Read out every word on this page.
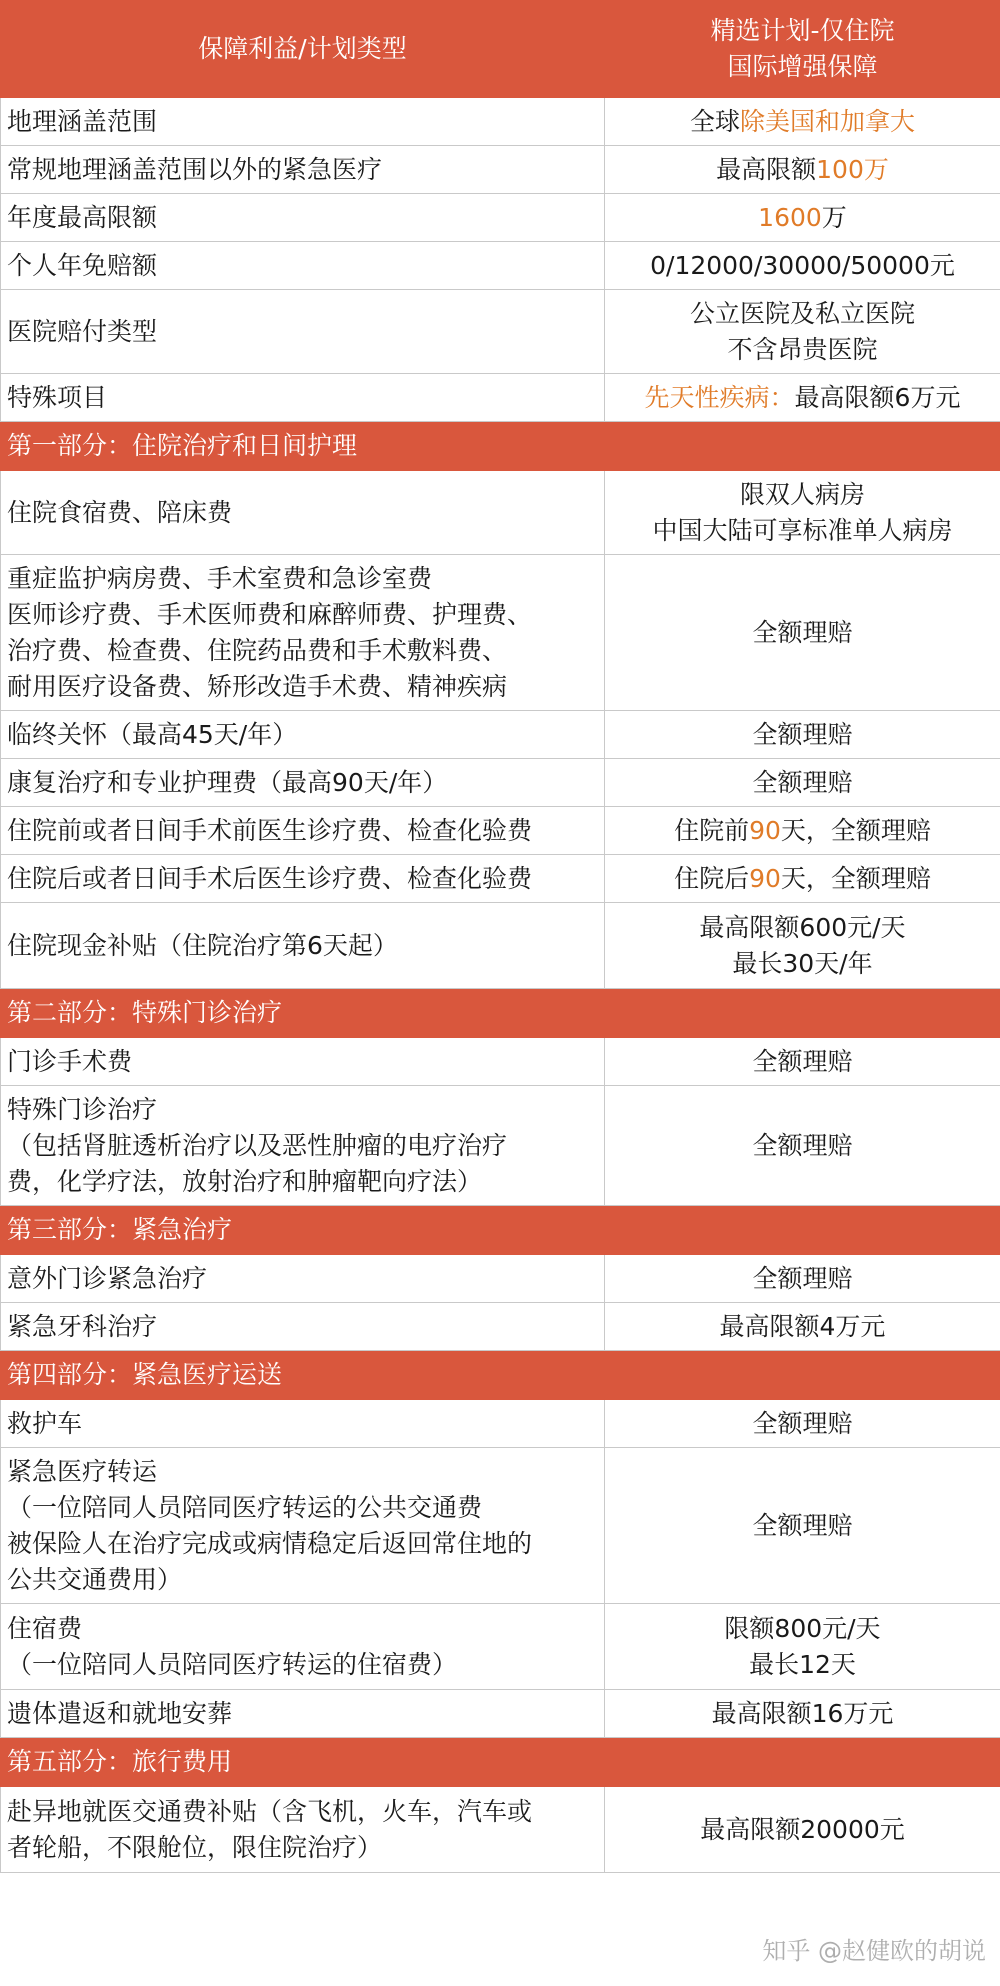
保障利益/计划类型	精选计划-仅住院
国际增强保障

地理涵盖范围	全球除美国和加拿大
常规地理涵盖范围以外的紧急医疗	最高限额100万
年度最高限额	1600万
个人年免赔额	0/12000/30000/50000元
医院赔付类型	公立医院及私立医院
不含昂贵医院

特殊项目	先天性疾病：最高限额6万元
第一部分：住院治疗和日间护理	
住院食宿费、陪床费	限双人病房
中国大陆可享标准单人病房

重症监护病房费、手术室费和急诊室费
医师诊疗费、手术医师费和麻醉师费、护理费、
治疗费、检查费、住院药品费和手术敷料费、
耐用医疗设备费、矫形改造手术费、精神疾病	全额理赔
临终关怀（最高45天/年）	全额理赔
康复治疗和专业护理费（最高90天/年）	全额理赔
住院前或者日间手术前医生诊疗费、检查化验费	住院前90天，全额理赔
住院后或者日间手术后医生诊疗费、检查化验费	住院后90天，全额理赔
住院现金补贴（住院治疗第6天起）	最高限额600元/天
最长30天/年

第二部分：特殊门诊治疗	
门诊手术费	全额理赔

特殊门诊治疗
（包括肾脏透析治疗以及恶性肿瘤的电疗治疗
费，化学疗法，放射治疗和肿瘤靶向疗法）	全额理赔
第三部分：紧急治疗	
意外门诊紧急治疗	全额理赔
紧急牙科治疗	最高限额4万元
第四部分：紧急医疗运送	
救护车	全额理赔

紧急医疗转运
（一位陪同人员陪同医疗转运的公共交通费
被保险人在治疗完成或病情稳定后返回常住地的
公共交通费用）	全额理赔

住宿费
（一位陪同人员陪同医疗转运的住宿费）	限额800元/天
最长12天

遗体遣返和就地安葬	最高限额16万元
第五部分：旅行费用	

赴异地就医交通费补贴（含飞机，火车，汽车或
者轮船，不限舱位，限住院治疗）	最高限额20000元
知乎 @赵健欧的胡说
